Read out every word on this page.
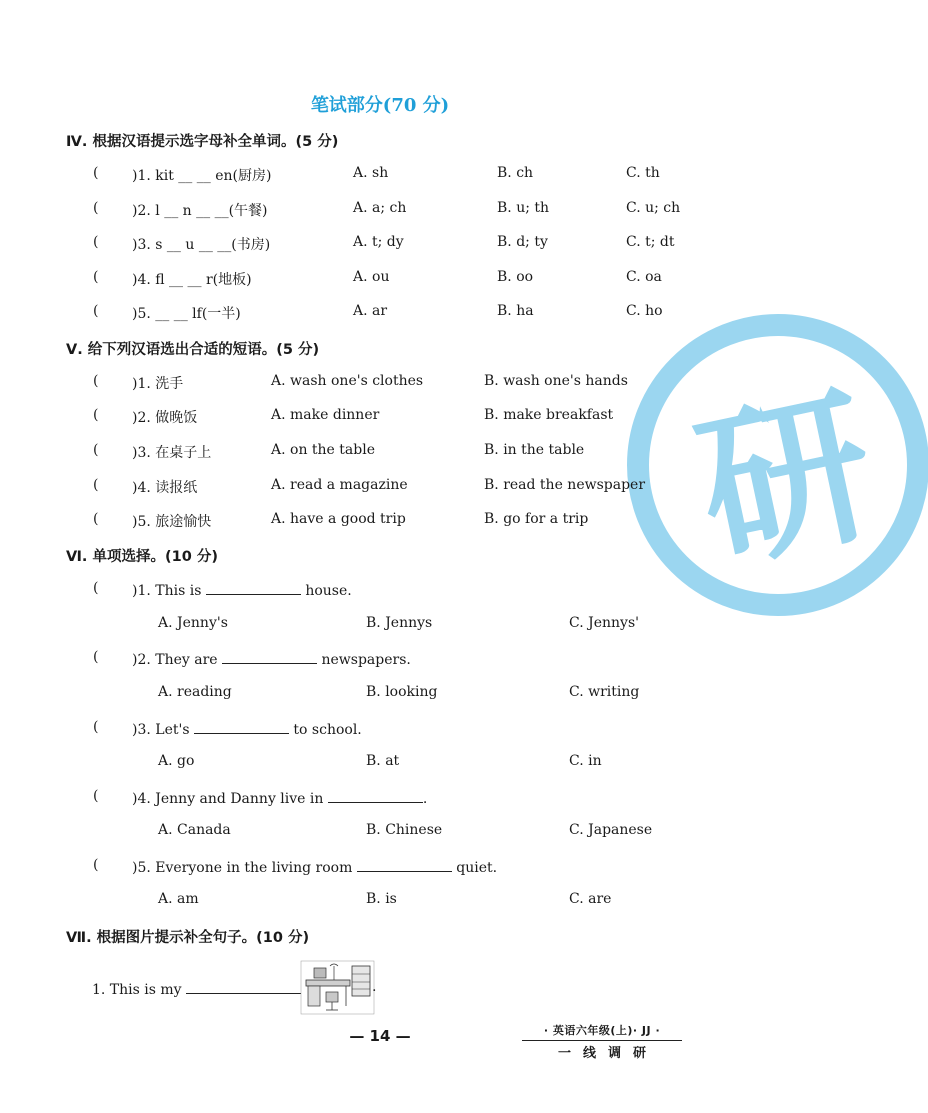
研
笔试部分(70 分)
Ⅳ. 根据汉语提示选字母补全单词。(5 分)
( )1. kit __ __ en(厨房)	A. sh	B. ch	C. th
( )2. l __ n __ __(午餐)	A. a; ch	B. u; th	C. u; ch
( )3. s __ u __ __(书房)	A. t; dy	B. d; ty	C. t; dt
( )4. fl __ __ r(地板)	A. ou	B. oo	C. oa
( )5. __ __ lf(一半)	A. ar	B. ha	C. ho
Ⅴ. 给下列汉语选出合适的短语。(5 分)
( )1. 洗手	A. wash one's clothes	B. wash one's hands
( )2. 做晚饭	A. make dinner	B. make breakfast
( )3. 在桌子上	A. on the table	B. in the table
( )4. 读报纸	A. read a magazine	B. read the newspaper
( )5. 旅途愉快	A. have a good trip	B. go for a trip
Ⅵ. 单项选择。(10 分)
( )1. This is	house.
A. Jenny's	B. Jennys	C. Jennys'
( )2. They are	newspapers.
A. reading	B. looking	C. writing
( )3. Let's	to school.
A. go	B. at	C. in
( )4. Jenny and Danny live in	.
A. Canada	B. Chinese	C. Japanese
( )5. Everyone in the living room	quiet.
A. am	B. is	C. are
Ⅶ. 根据图片提示补全句子。(10 分)
1. This is my	.
— 14 —	· 英语六年级(上)· JJ ·
一线调研
